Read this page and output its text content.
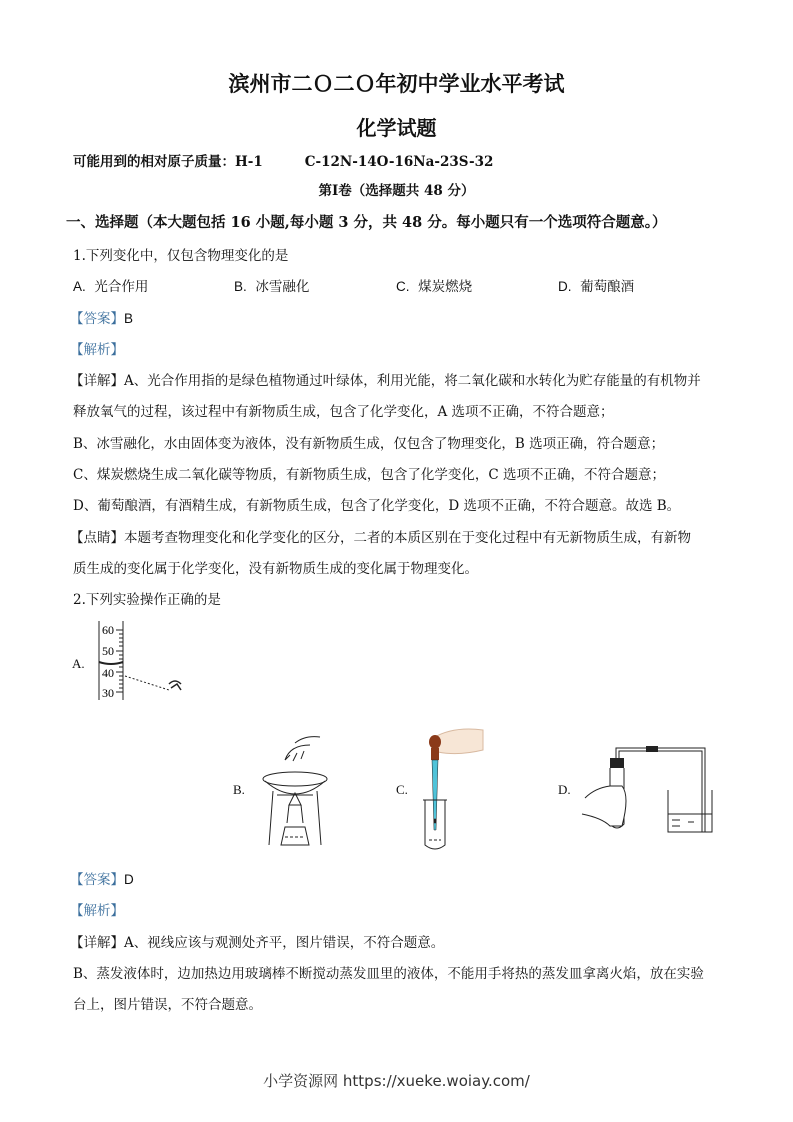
滨州市二Ｏ二Ｏ年初中学业水平考试
化学试题
可能用到的相对原子质量：H-1	C-12N-14O-16Na-23S-32
第Ⅰ卷（选择题共 48 分）
一、选择题（本大题包括 16 小题,每小题 3 分，共 48 分。每小题只有一个选项符合题意。）
1.下列变化中，仅包含物理变化的是
A. 光合作用	B. 冰雪融化	C. 煤炭燃烧	D. 葡萄酿酒
【答案】B
【解析】
【详解】A、光合作用指的是绿色植物通过叶绿体，利用光能，将二氧化碳和水转化为贮存能量的有机物并
释放氧气的过程，该过程中有新物质生成，包含了化学变化，A 选项不正确，不符合题意；
B、冰雪融化，水由固体变为液体，没有新物质生成，仅包含了物理变化，B 选项正确，符合题意；
C、煤炭燃烧生成二氧化碳等物质，有新物质生成，包含了化学变化，C 选项不正确，不符合题意；
D、葡萄酿酒，有酒精生成，有新物质生成，包含了化学变化，D 选项不正确，不符合题意。故选 B。
【点睛】本题考查物理变化和化学变化的区分，二者的本质区别在于变化过程中有无新物质生成，有新物
质生成的变化属于化学变化，没有新物质生成的变化属于物理变化。
2.下列实验操作正确的是
A.
60
50
40
30
B.	C.	D.
【答案】D
【解析】
【详解】A、视线应该与观测处齐平，图片错误，不符合题意。
B、蒸发液体时，边加热边用玻璃棒不断搅动蒸发皿里的液体，不能用手将热的蒸发皿拿离火焰，放在实验
台上，图片错误，不符合题意。
小学资源网 https://xueke.woiay.com/
